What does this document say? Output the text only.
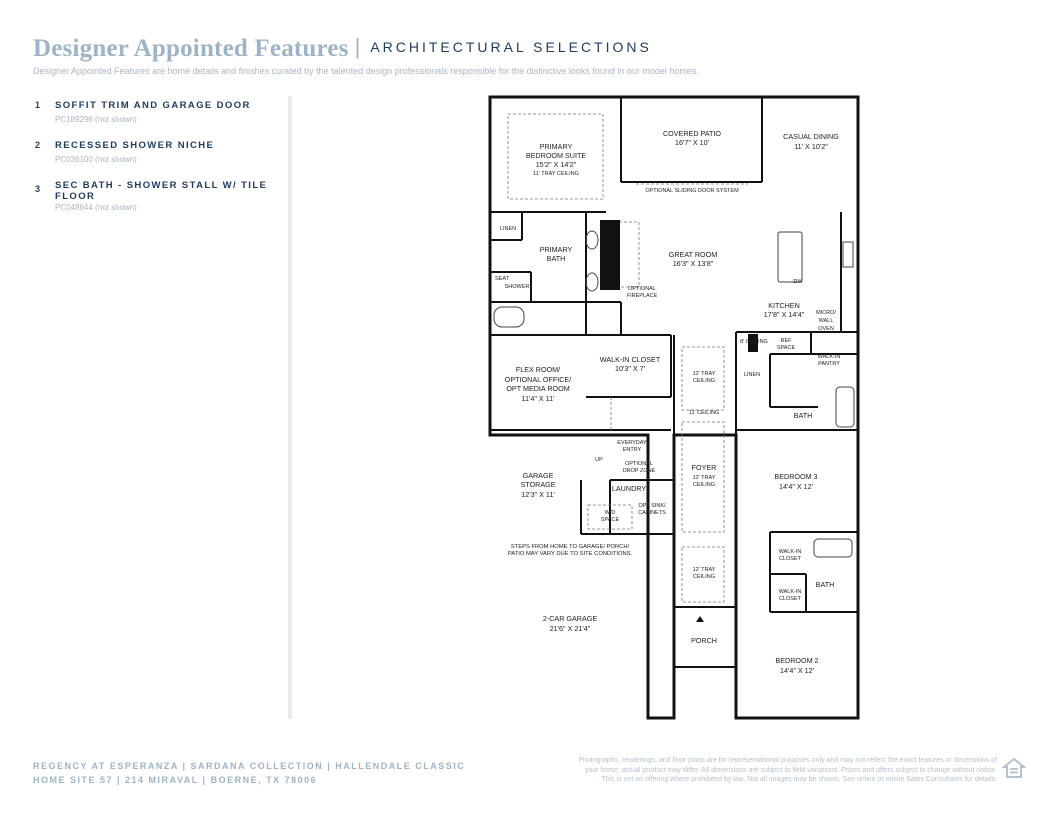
Designer Appointed Features | ARCHITECTURAL SELECTIONS
Designer Appointed Features are home details and finishes curated by the talented design professionals responsible for the distinctive looks found in our model homes.
1 SOFFIT TRIM AND GARAGE DOOR
PC189296 (not shown)
2 RECESSED SHOWER NICHE
PC036100 (not shown)
3 SEC BATH - SHOWER STALL W/ TILE FLOOR
PC048644 (not shown)
PRIMARY
BEDROOM SUITE
15'2" X 14'2"
11' TRAY CEILING
COVERED PATIO
16'7" X 10'
CASUAL DINING
11' X 10'2"
OPTIONAL SLIDING DOOR SYSTEM
LINEN
PRIMARY
BATH
SEAT
SHOWER	OPTIONAL
FIREPLACE
GREAT ROOM
16'3" X 13'8"
DW
KITCHEN
17'8" X 14'4" MICRO/
WALL
OVEN
8' CEILING REF
SPACE
WALK-IN
PANTRY
FLEX ROOM/
OPTIONAL OFFICE/
OPT MEDIA ROOM
11'4" X 11'
WALK-IN CLOSET
10'3" X 7'
12' TRAY
CEILING
11' CEILING
LINEN
BATH
EVERYDAY
ENTRY
UP
OPTIONAL
DROP ZONE
GARAGE
STORAGE
12'3" X 11'
LAUNDRY
W/D
SPACE
OPT SINK/
CABINETS
FOYER
12' TRAY
CEILING
BEDROOM 3
14'4" X 12'
STEPS FROM HOME TO GARAGE/ PORCH/
PATIO MAY VARY DUE TO SITE CONDITIONS.	WALK-IN
CLOSET
12' TRAY
CEILING
BATH
WALK-IN
CLOSET
2-CAR GARAGE
21'6" X 21'4"
PORCH
BEDROOM 2
14'4" X 12'
REGENCY AT ESPERANZA | SARDANA COLLECTION | HALLENDALE CLASSIC
HOME SITE 57 | 214 MIRAVAL | BOERNE, TX 78006
Photographs, renderings, and floor plans are for representational purposes only and may not reflect the exact features or dimensions of
your home; actual product may differ. All dimensions are subject to field variations. Prices and offers subject to change without notice.
This is not an offering where prohibited by law. Not all images may be shown. See online or onsite Sales Consultants for details.
